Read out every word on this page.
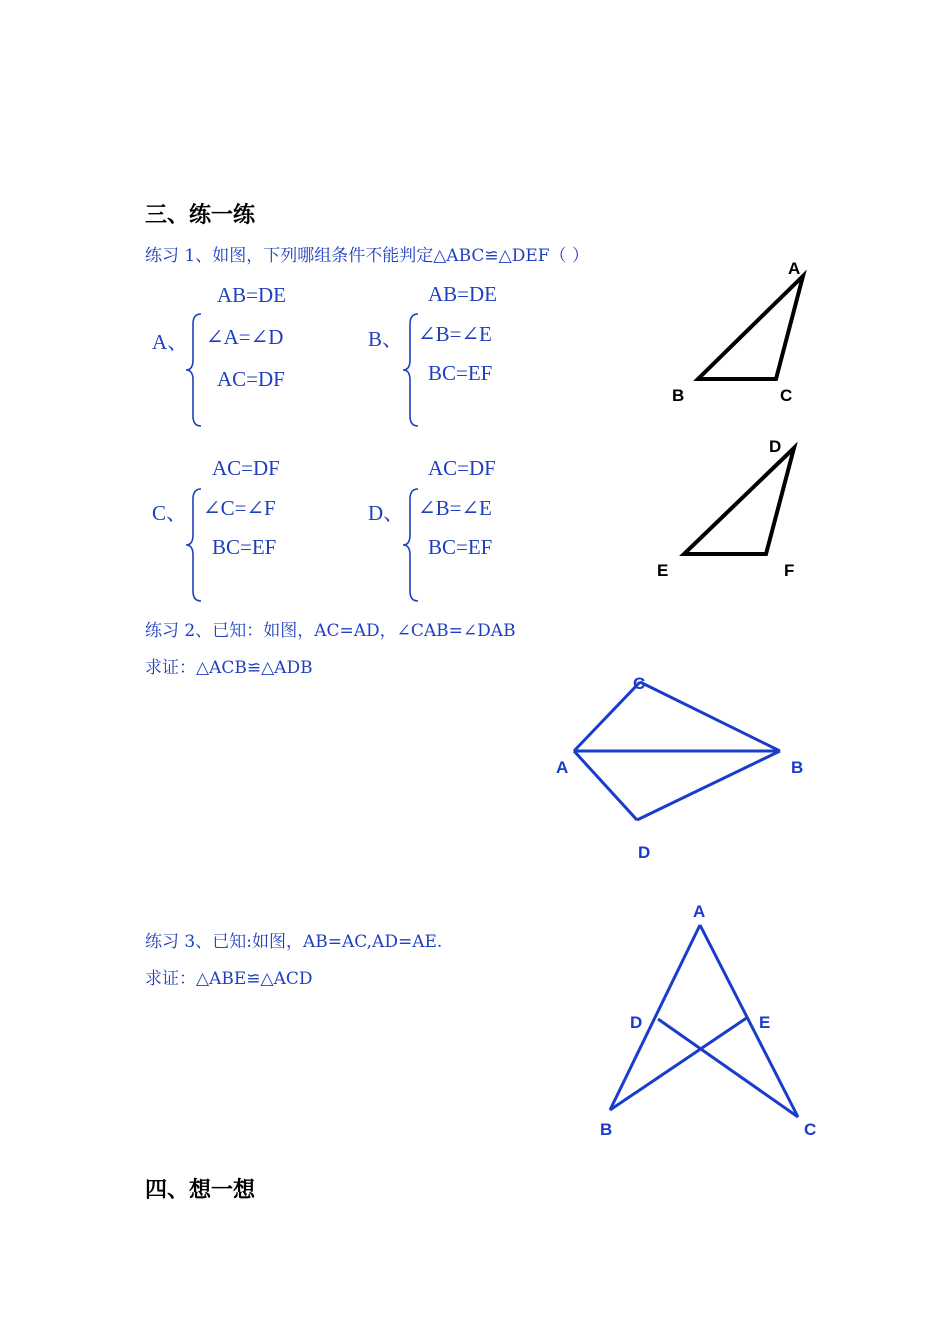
三、练一练
练习 1、如图，下列哪组条件不能判定△ABC≌△DEF（ ）
A、
AB=DE
∠A=∠D
AC=DF
B、
AB=DE
∠B=∠E
BC=EF
C、
AC=DF
∠C=∠F
BC=EF
D、
AC=DF
∠B=∠E
BC=EF
A
B	C
D
E	F
练习 2、已知：如图，AC=AD，∠CAB=∠DAB
求证：△ACB≌△ADB
A	B
C
D
练习 3、已知:如图，AB=AC,AD=AE.
求证：△ABE≌△ACD
A
B	C
D	E
四、想一想
